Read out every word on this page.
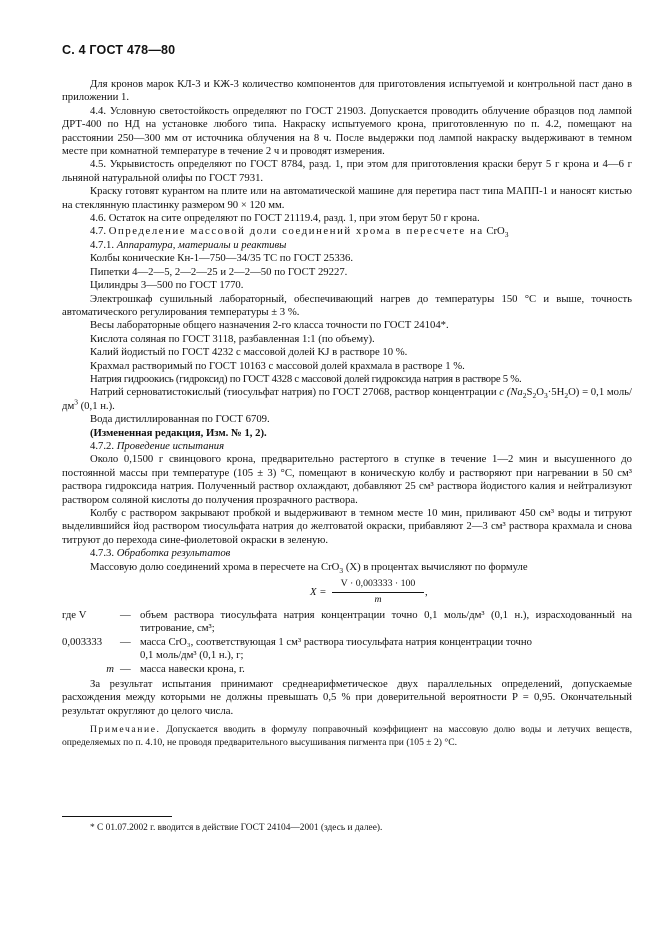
С. 4 ГОСТ 478—80

Для кронов марок КЛ-3 и КЖ-3 количество компонентов для приготовления испытуемой и контрольной паст дано в приложении 1.

4.4. Условную светостойкость определяют по ГОСТ 21903. Допускается проводить облучение образцов под лампой ДРТ-400 по НД на установке любого типа. Накраску испытуемого крона, приготовленную по п. 4.2, помещают на расстоянии 250—300 мм от источника облучения на 8 ч. После выдержки под лампой накраску выдерживают в темном месте при комнатной температуре в течение 2 ч и проводят измерения.

4.5. Укрывистость определяют по ГОСТ 8784, разд. 1, при этом для приготовления краски берут 5 г крона и 4—6 г льняной натуральной олифы по ГОСТ 7931.

Краску готовят курантом на плите или на автоматической машине для перетира паст типа МАПП-1 и наносят кистью на стеклянную пластинку размером 90 × 120 мм.

4.6. Остаток на сите определяют по ГОСТ 21119.4, разд. 1, при этом берут 50 г крона.

4.7. Определение массовой доли соединений хрома в пересчете на CrO$_3$

4.7.1. Аппаратура, материалы и реактивы

Колбы конические Кн-1—750—34/35 ТС по ГОСТ 25336.

Пипетки 4—2—5, 2—2—25 и 2—2—50 по ГОСТ 29227.

Цилиндры 3—500 по ГОСТ 1770.

Электрошкаф сушильный лабораторный, обеспечивающий нагрев до температуры 150 °С и выше, точность автоматического регулирования температуры ± 3 %.

Весы лабораторные общего назначения 2-го класса точности по ГОСТ 24104*.

Кислота соляная по ГОСТ 3118, разбавленная 1:1 (по объему).

Калий йодистый по ГОСТ 4232 с массовой долей KJ в растворе 10 %.

Крахмал растворимый по ГОСТ 10163 с массовой долей крахмала в растворе 1 %.

Натрия гидроокись (гидроксид) по ГОСТ 4328 с массовой долей гидроксида натрия в растворе 5 %.

Натрий серноватистокислый (тиосульфат натрия) по ГОСТ 27068, раствор концентрации c $(Na_2S_2O_3\cdot 5H_2O) = 0,1$ моль/$дм^3$ (0,1 н.).

Вода дистиллированная по ГОСТ 6709.

(Измененная редакция, Изм. № 1, 2).

4.7.2. Проведение испытания

Около 0,1500 г свинцового крона, предварительно растертого в ступке в течение 1—2 мин и высушенного до постоянной массы при температуре (105 ± 3) °С, помещают в коническую колбу и растворяют при нагревании в 50 см³ раствора гидроксида натрия. Полученный раствор охлаждают, добавляют 25 см³ раствора йодистого калия и нейтрализуют раствором соляной кислоты до получения прозрачного раствора.

Колбу с раствором закрывают пробкой и выдерживают в темном месте 10 мин, приливают 450 см³ воды и титруют выделившийся йод раствором тиосульфата натрия до желтоватой окраски, прибавляют 2—3 см³ раствора крахмала и снова титруют до перехода сине-фиолетовой окраски в зеленую.

4.7.3. Обработка результатов

Массовую долю соединений хрома в пересчете на CrO$_3$ (X) в процентах вычисляют по формуле

X =
V · 0,003333 · 100
m
,
где V	— объем раствора тиосульфата натрия концентрации точно 0,1 моль/дм³ (0,1 н.), израсходованный на титрование, см³;
0,003333	— масса CrO₃, соответствующая 1 см³ раствора тиосульфата натрия концентрации точно
0,1 моль/дм³ (0,1 н.), г;
m — масса навески крона, г.

За результат испытания принимают среднеарифметическое двух параллельных определений, допускаемые расхождения между которыми не должны превышать 0,5 % при доверительной вероятности P = 0,95. Окончательный результат округляют до целого числа.

Примечание. Допускается вводить в формулу поправочный коэффициент на массовую долю воды и летучих веществ, определяемых по п. 4.10, не проводя предварительного высушивания пигмента при (105 ± 2) °С.

* С 01.07.2002 г. вводится в действие ГОСТ 24104—2001 (здесь и далее).
